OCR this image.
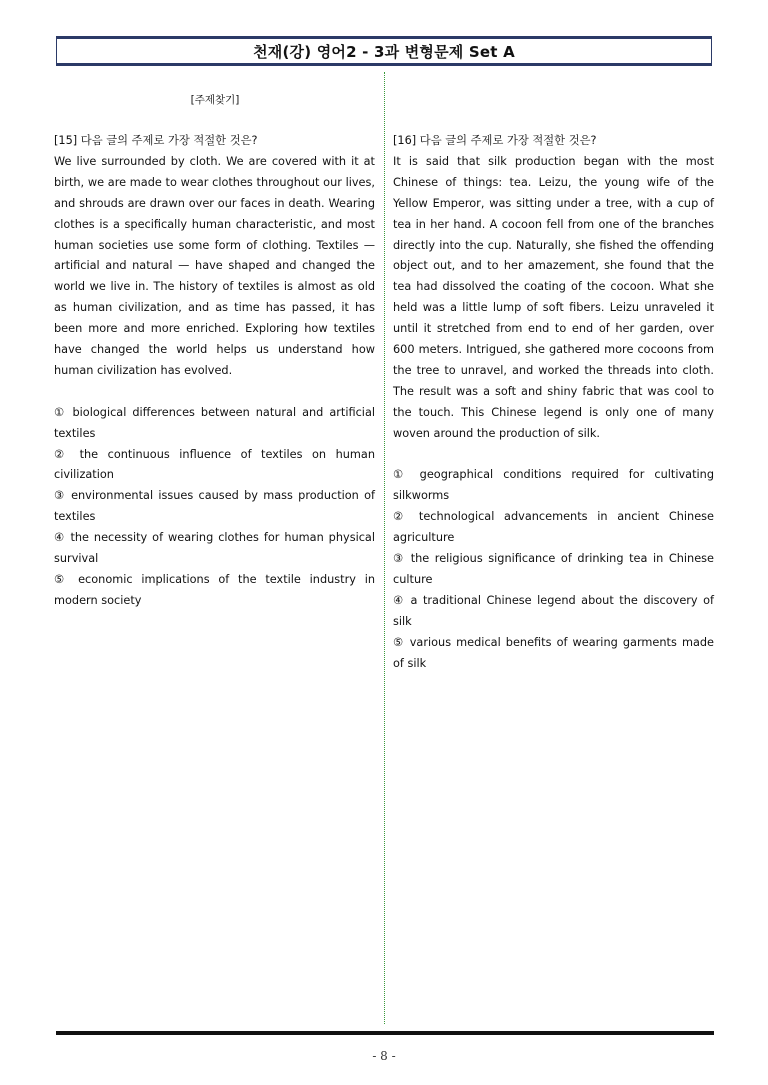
천재(강) 영어2 - 3과 변형문제 Set A
[주제찾기]

[15] 다음 글의 주제로 가장 적절한 것은?

We live surrounded by cloth. We are covered with it at birth, we are made to wear clothes throughout our lives, and shrouds are drawn over our faces in death. Wearing clothes is a specifically human characteristic, and most human societies use some form of clothing. Textiles — artificial and natural — have shaped and changed the world we live in. The history of textiles is almost as old as human civilization, and as time has passed, it has been more and more enriched. Exploring how textiles have changed the world helps us understand how human civilization has evolved.

① biological differences between natural and artificial textiles

② the continuous influence of textiles on human civilization

③ environmental issues caused by mass production of textiles

④ the necessity of wearing clothes for human physical survival

⑤ economic implications of the textile industry in modern society

[16] 다음 글의 주제로 가장 적절한 것은?

It is said that silk production began with the most Chinese of things: tea. Leizu, the young wife of the Yellow Emperor, was sitting under a tree, with a cup of tea in her hand. A cocoon fell from one of the branches directly into the cup. Naturally, she fished the offending object out, and to her amazement, she found that the tea had dissolved the coating of the cocoon. What she held was a little lump of soft fibers. Leizu unraveled it until it stretched from end to end of her garden, over 600 meters. Intrigued, she gathered more cocoons from the tree to unravel, and worked the threads into cloth. The result was a soft and shiny fabric that was cool to the touch. This Chinese legend is only one of many woven around the production of silk.

① geographical conditions required for cultivating silkworms

② technological advancements in ancient Chinese agriculture

③ the religious significance of drinking tea in Chinese culture

④ a traditional Chinese legend about the discovery of silk

⑤ various medical benefits of wearing garments made of silk

- 8 -
